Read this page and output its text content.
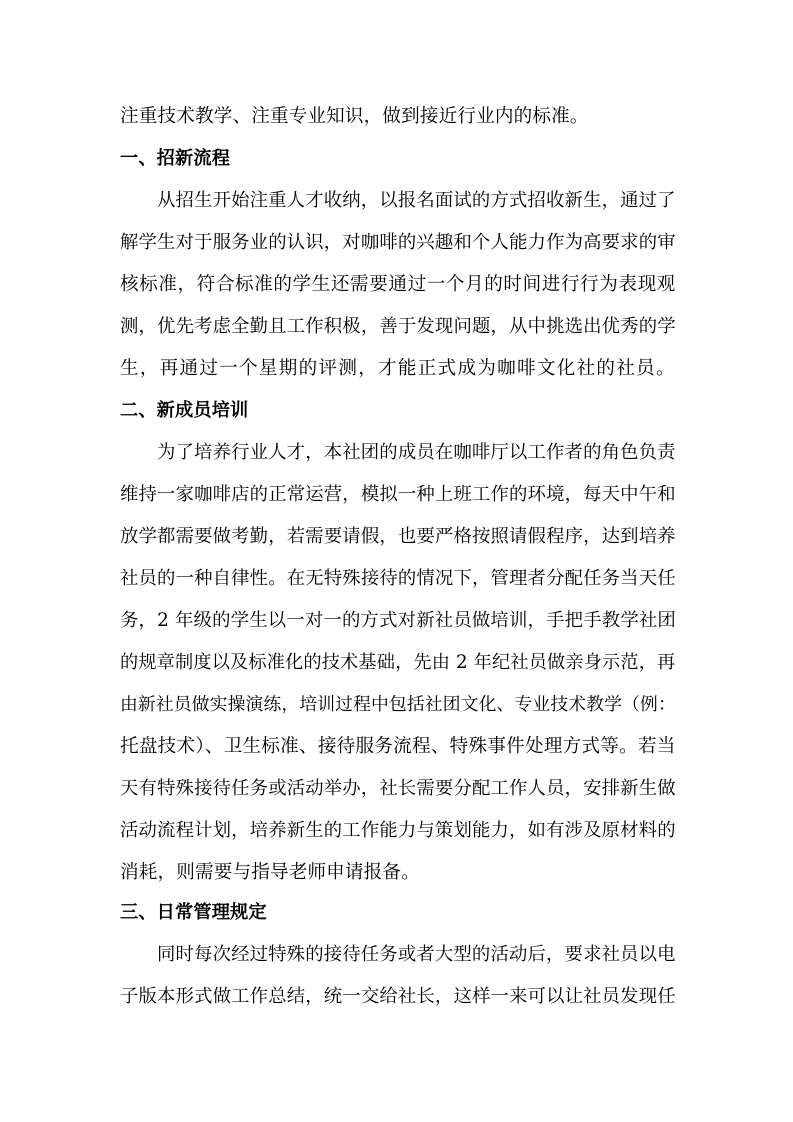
注重技术教学、注重专业知识，做到接近行业内的标准。
一、招新流程
从招生开始注重人才收纳，以报名面试的方式招收新生，通过了
解学生对于服务业的认识，对咖啡的兴趣和个人能力作为高要求的审
核标准，符合标准的学生还需要通过一个月的时间进行行为表现观
测，优先考虑全勤且工作积极，善于发现问题，从中挑选出优秀的学
生，再通过一个星期的评测，才能正式成为咖啡文化社的社员。
二、新成员培训
为了培养行业人才，本社团的成员在咖啡厅以工作者的角色负责
维持一家咖啡店的正常运营，模拟一种上班工作的环境，每天中午和
放学都需要做考勤，若需要请假，也要严格按照请假程序，达到培养
社员的一种自律性。在无特殊接待的情况下，管理者分配任务当天任
务，2 年级的学生以一对一的方式对新社员做培训，手把手教学社团
的规章制度以及标准化的技术基础，先由 2 年纪社员做亲身示范，再
由新社员做实操演练，培训过程中包括社团文化、专业技术教学（例：
托盘技术）、卫生标准、接待服务流程、特殊事件处理方式等。若当
天有特殊接待任务或活动举办，社长需要分配工作人员，安排新生做
活动流程计划，培养新生的工作能力与策划能力，如有涉及原材料的
消耗，则需要与指导老师申请报备。
三、日常管理规定
同时每次经过特殊的接待任务或者大型的活动后，要求社员以电
子版本形式做工作总结，统一交给社长，这样一来可以让社员发现任
